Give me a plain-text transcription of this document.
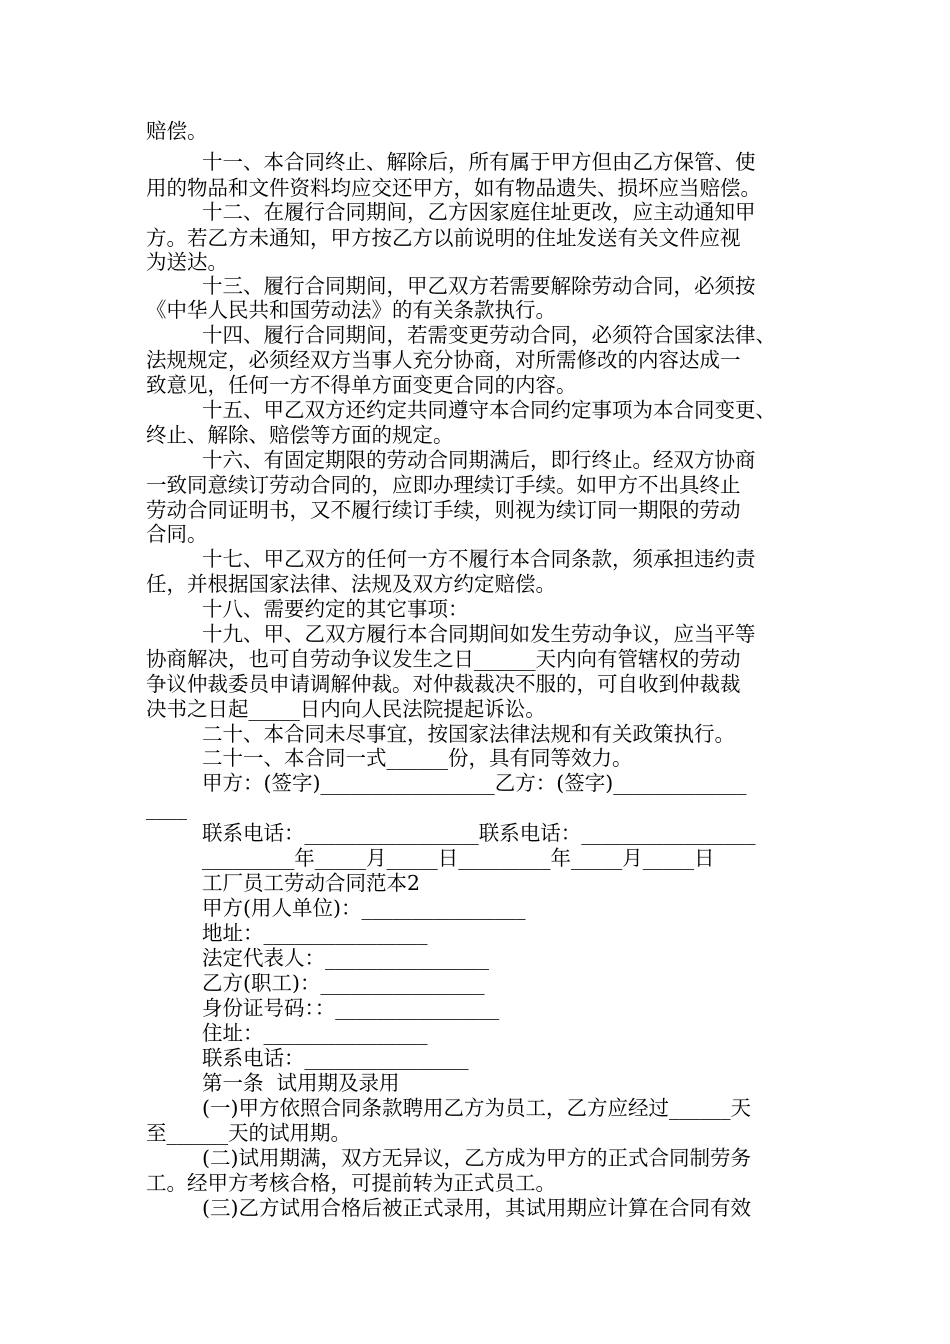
赔偿。
十一、本合同终止、解除后，所有属于甲方但由乙方保管、使
用的物品和文件资料均应交还甲方，如有物品遗失、损坏应当赔偿。
十二、在履行合同期间，乙方因家庭住址更改，应主动通知甲
方。若乙方未通知，甲方按乙方以前说明的住址发送有关文件应视
为送达。
十三、履行合同期间，甲乙双方若需要解除劳动合同，必须按
《中华人民共和国劳动法》的有关条款执行。
十四、履行合同期间，若需变更劳动合同，必须符合国家法律、
法规规定，必须经双方当事人充分协商，对所需修改的内容达成一
致意见，任何一方不得单方面变更合同的内容。
十五、甲乙双方还约定共同遵守本合同约定事项为本合同变更、
终止、解除、赔偿等方面的规定。
十六、有固定期限的劳动合同期满后，即行终止。经双方协商
一致同意续订劳动合同的，应即办理续订手续。如甲方不出具终止
劳动合同证明书，又不履行续订手续，则视为续订同一期限的劳动
合同。
十七、甲乙双方的任何一方不履行本合同条款，须承担违约责
任，并根据国家法律、法规及双方约定赔偿。
十八、需要约定的其它事项：
十九、甲、乙双方履行本合同期间如发生劳动争议，应当平等
协商解决，也可自劳动争议发生之日______天内向有管辖权的劳动
争议仲裁委员申请调解仲裁。对仲裁裁决不服的，可自收到仲裁裁
决书之日起_____日内向人民法院提起诉讼。
二十、本合同未尽事宜，按国家法律法规和有关政策执行。
二十一、本合同一式______份，具有同等效力。
甲方：(签字)_________________乙方：(签字)_____________
____
联系电话：_________________联系电话：_________________
_________年_____月_____日_________年_____月_____日
工厂员工劳动合同范本2
甲方(用人单位)：________________
地址：________________
法定代表人：________________
乙方(职工)：________________
身份证号码：：________________
住址：________________
联系电话：________________
第一条  试用期及录用
(一)甲方依照合同条款聘用乙方为员工，乙方应经过______天
至______天的试用期。
(二)试用期满，双方无异议，乙方成为甲方的正式合同制劳务
工。经甲方考核合格，可提前转为正式员工。
(三)乙方试用合格后被正式录用，其试用期应计算在合同有效
